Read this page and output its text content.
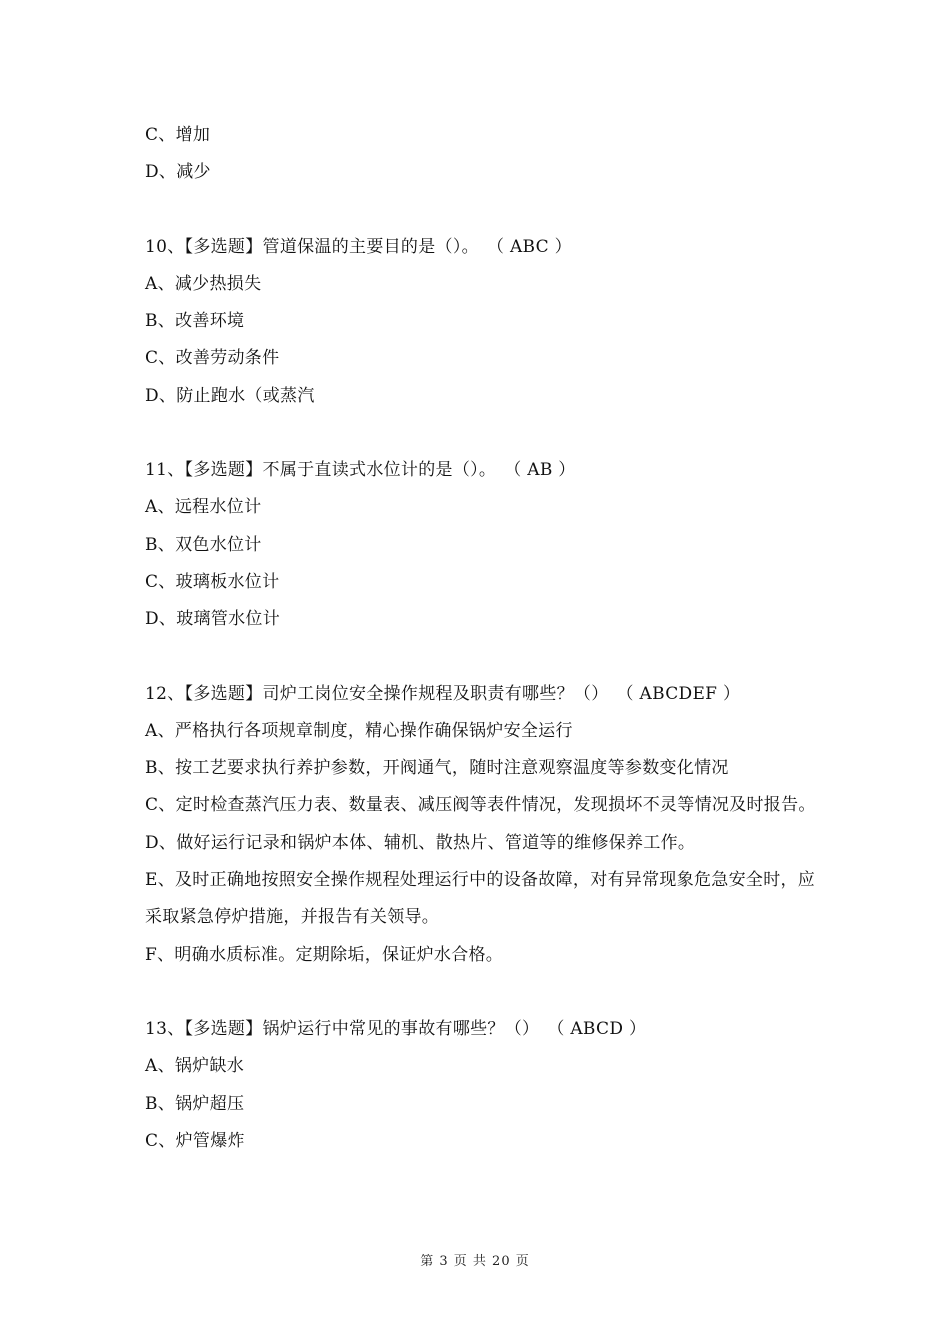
C、增加
D、减少
10、【多选题】管道保温的主要目的是（）。 （ ABC ）
A、减少热损失
B、改善环境
C、改善劳动条件
D、防止跑水（或蒸汽
11、【多选题】不属于直读式水位计的是（）。 （ AB ）
A、远程水位计
B、双色水位计
C、玻璃板水位计
D、玻璃管水位计
12、【多选题】司炉工岗位安全操作规程及职责有哪些？（） （ ABCDEF ）
A、严格执行各项规章制度，精心操作确保锅炉安全运行
B、按工艺要求执行养护参数，开阀通气，随时注意观察温度等参数变化情况
C、定时检查蒸汽压力表、数量表、减压阀等表件情况，发现损坏不灵等情况及时报告。
D、做好运行记录和锅炉本体、辅机、散热片、管道等的维修保养工作。
E、及时正确地按照安全操作规程处理运行中的设备故障，对有异常现象危急安全时，应采取紧急停炉措施，并报告有关领导。
F、明确水质标准。定期除垢，保证炉水合格。
13、【多选题】锅炉运行中常见的事故有哪些？（） （ ABCD ）
A、锅炉缺水
B、锅炉超压
C、炉管爆炸
第 3 页 共 20 页
